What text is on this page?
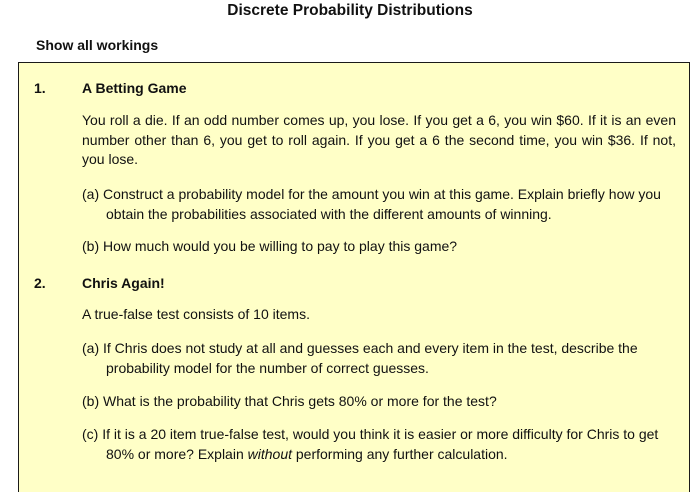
Discrete Probability Distributions
Show all workings
1.	A Betting Game

You roll a die. If an odd number comes up, you lose. If you get a 6, you win $60. If it is an even number other than 6, you get to roll again. If you get a 6 the second time, you win $36. If not, you lose.

(a) Construct a probability model for the amount you win at this game. Explain briefly how you obtain the probabilities associated with the different amounts of winning.

(b) How much would you be willing to pay to play this game?

2.	Chris Again!

A true-false test consists of 10 items.

(a) If Chris does not study at all and guesses each and every item in the test, describe the probability model for the number of correct guesses.

(b) What is the probability that Chris gets 80% or more for the test?

(c) If it is a 20 item true-false test, would you think it is easier or more difficulty for Chris to get 80% or more? Explain without performing any further calculation.
